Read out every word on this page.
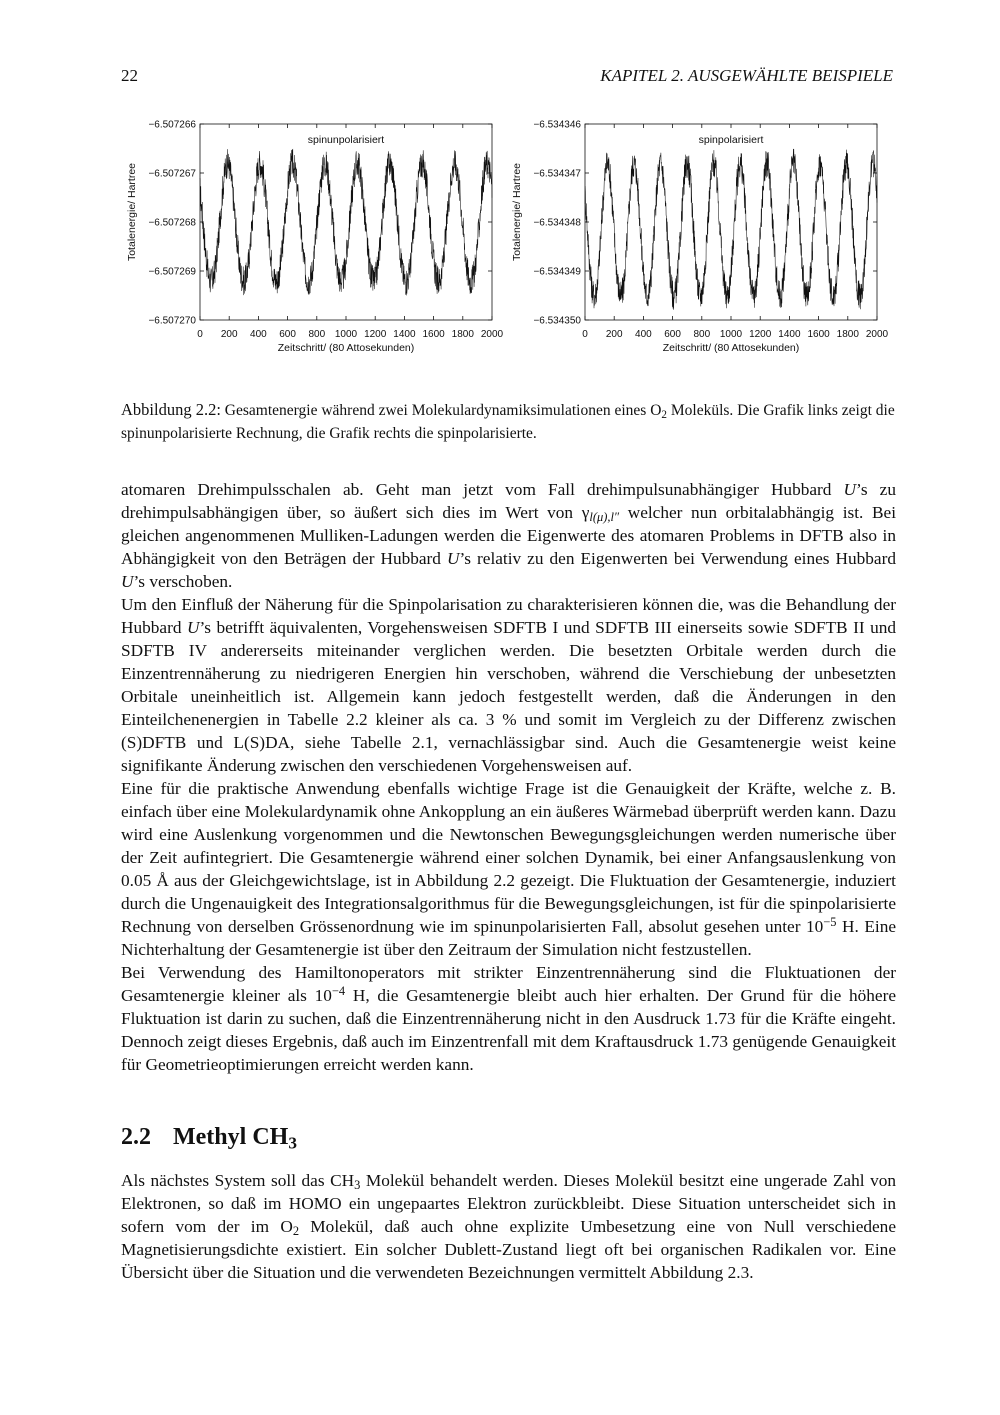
22	KAPITEL 2. AUSGEWÄHLTE BEISPIELE
0 200 400 600 800 1000 1200 1400 1600 1800 2000
−6.507266
−6.507267
−6.507268
−6.507269
−6.507270
spinunpolarisiert
Zeitschritt/ (80 Attosekunden)
Totalenergie/ Hartree
0 200 400 600 800 1000 1200 1400 1600 1800 2000
−6.534346
−6.534347
−6.534348
−6.534349
−6.534350
spinpolarisiert
Zeitschritt/ (80 Attosekunden)
Totalenergie/ Hartree
Abbildung 2.2: Gesamtenergie während zwei Molekulardynamiksimulationen eines $O_2$ Moleküls. Die Grafik links zeigt die spinunpolarisierte Rechnung, die Grafik rechts die spinpolarisierte.

atomaren Drehimpulsschalen ab. Geht man jetzt vom Fall drehimpulsunabhängiger Hubbard U’s zu drehimpulsabhängigen über, so äußert sich dies im Wert von $\gamma_{l(\mu),l''}$ welcher nun orbitalabhängig ist. Bei gleichen angenommenen Mulliken-Ladungen werden die Eigenwerte des atomaren Problems in DFTB also in Abhängigkeit von den Beträgen der Hubbard U’s relativ zu den Eigenwerten bei Verwendung eines Hubbard U’s verschoben.

Um den Einfluß der Näherung für die Spinpolarisation zu charakterisieren können die, was die Behandlung der Hubbard U’s betrifft äquivalenten, Vorgehensweisen SDFTB I und SDFTB III einerseits sowie SDFTB II und SDFTB IV andererseits miteinander verglichen werden. Die besetzten Orbitale werden durch die Einzentrennäherung zu niedrigeren Energien hin verschoben, während die Verschiebung der unbesetzten Orbitale uneinheitlich ist. Allgemein kann jedoch festgestellt werden, daß die Änderungen in den Einteilchenenergien in Tabelle 2.2 kleiner als ca. 3 % und somit im Vergleich zu der Differenz zwischen (S)DFTB und L(S)DA, siehe Tabelle 2.1, vernachlässigbar sind. Auch die Gesamtenergie weist keine signifikante Änderung zwischen den verschiedenen Vorgehensweisen auf.

Eine für die praktische Anwendung ebenfalls wichtige Frage ist die Genauigkeit der Kräfte, welche z. B. einfach über eine Molekulardynamik ohne Ankopplung an ein äußeres Wärmebad überprüft werden kann. Dazu wird eine Auslenkung vorgenommen und die Newtonschen Bewegungsgleichungen werden numerische über der Zeit aufintegriert. Die Gesamtenergie während einer solchen Dynamik, bei einer Anfangsauslenkung von 0.05 Å aus der Gleichgewichtslage, ist in Abbildung 2.2 gezeigt. Die Fluktuation der Gesamtenergie, induziert durch die Ungenauigkeit des Integrationsalgorithmus für die Bewegungsgleichungen, ist für die spinpolarisierte Rechnung von derselben Grössenordnung wie im spinunpolarisierten Fall, absolut gesehen unter $10^{-5}$ H. Eine Nichterhaltung der Gesamtenergie ist über den Zeitraum der Simulation nicht festzustellen.

Bei Verwendung des Hamiltonoperators mit strikter Einzentrennäherung sind die Fluktuationen der Gesamtenergie kleiner als $10^{-4}$ H, die Gesamtenergie bleibt auch hier erhalten. Der Grund für die höhere Fluktuation ist darin zu suchen, daß die Einzentrennäherung nicht in den Ausdruck 1.73 für die Kräfte eingeht. Dennoch zeigt dieses Ergebnis, daß auch im Einzentrenfall mit dem Kraftausdruck 1.73 genügende Genauigkeit für Geometrieoptimierungen erreicht werden kann.

2.2 Methyl $CH_3$

Als nächstes System soll das $CH_3$ Molekül behandelt werden. Dieses Molekül besitzt eine ungerade Zahl von Elektronen, so daß im HOMO ein ungepaartes Elektron zurückbleibt. Diese Situation unterscheidet sich in sofern vom der im $O_2$ Molekül, daß auch ohne explizite Umbesetzung eine von Null verschiedene Magnetisierungsdichte existiert. Ein solcher Dublett-Zustand liegt oft bei organischen Radikalen vor. Eine Übersicht über die Situation und die verwendeten Bezeichnungen vermittelt Abbildung 2.3.
